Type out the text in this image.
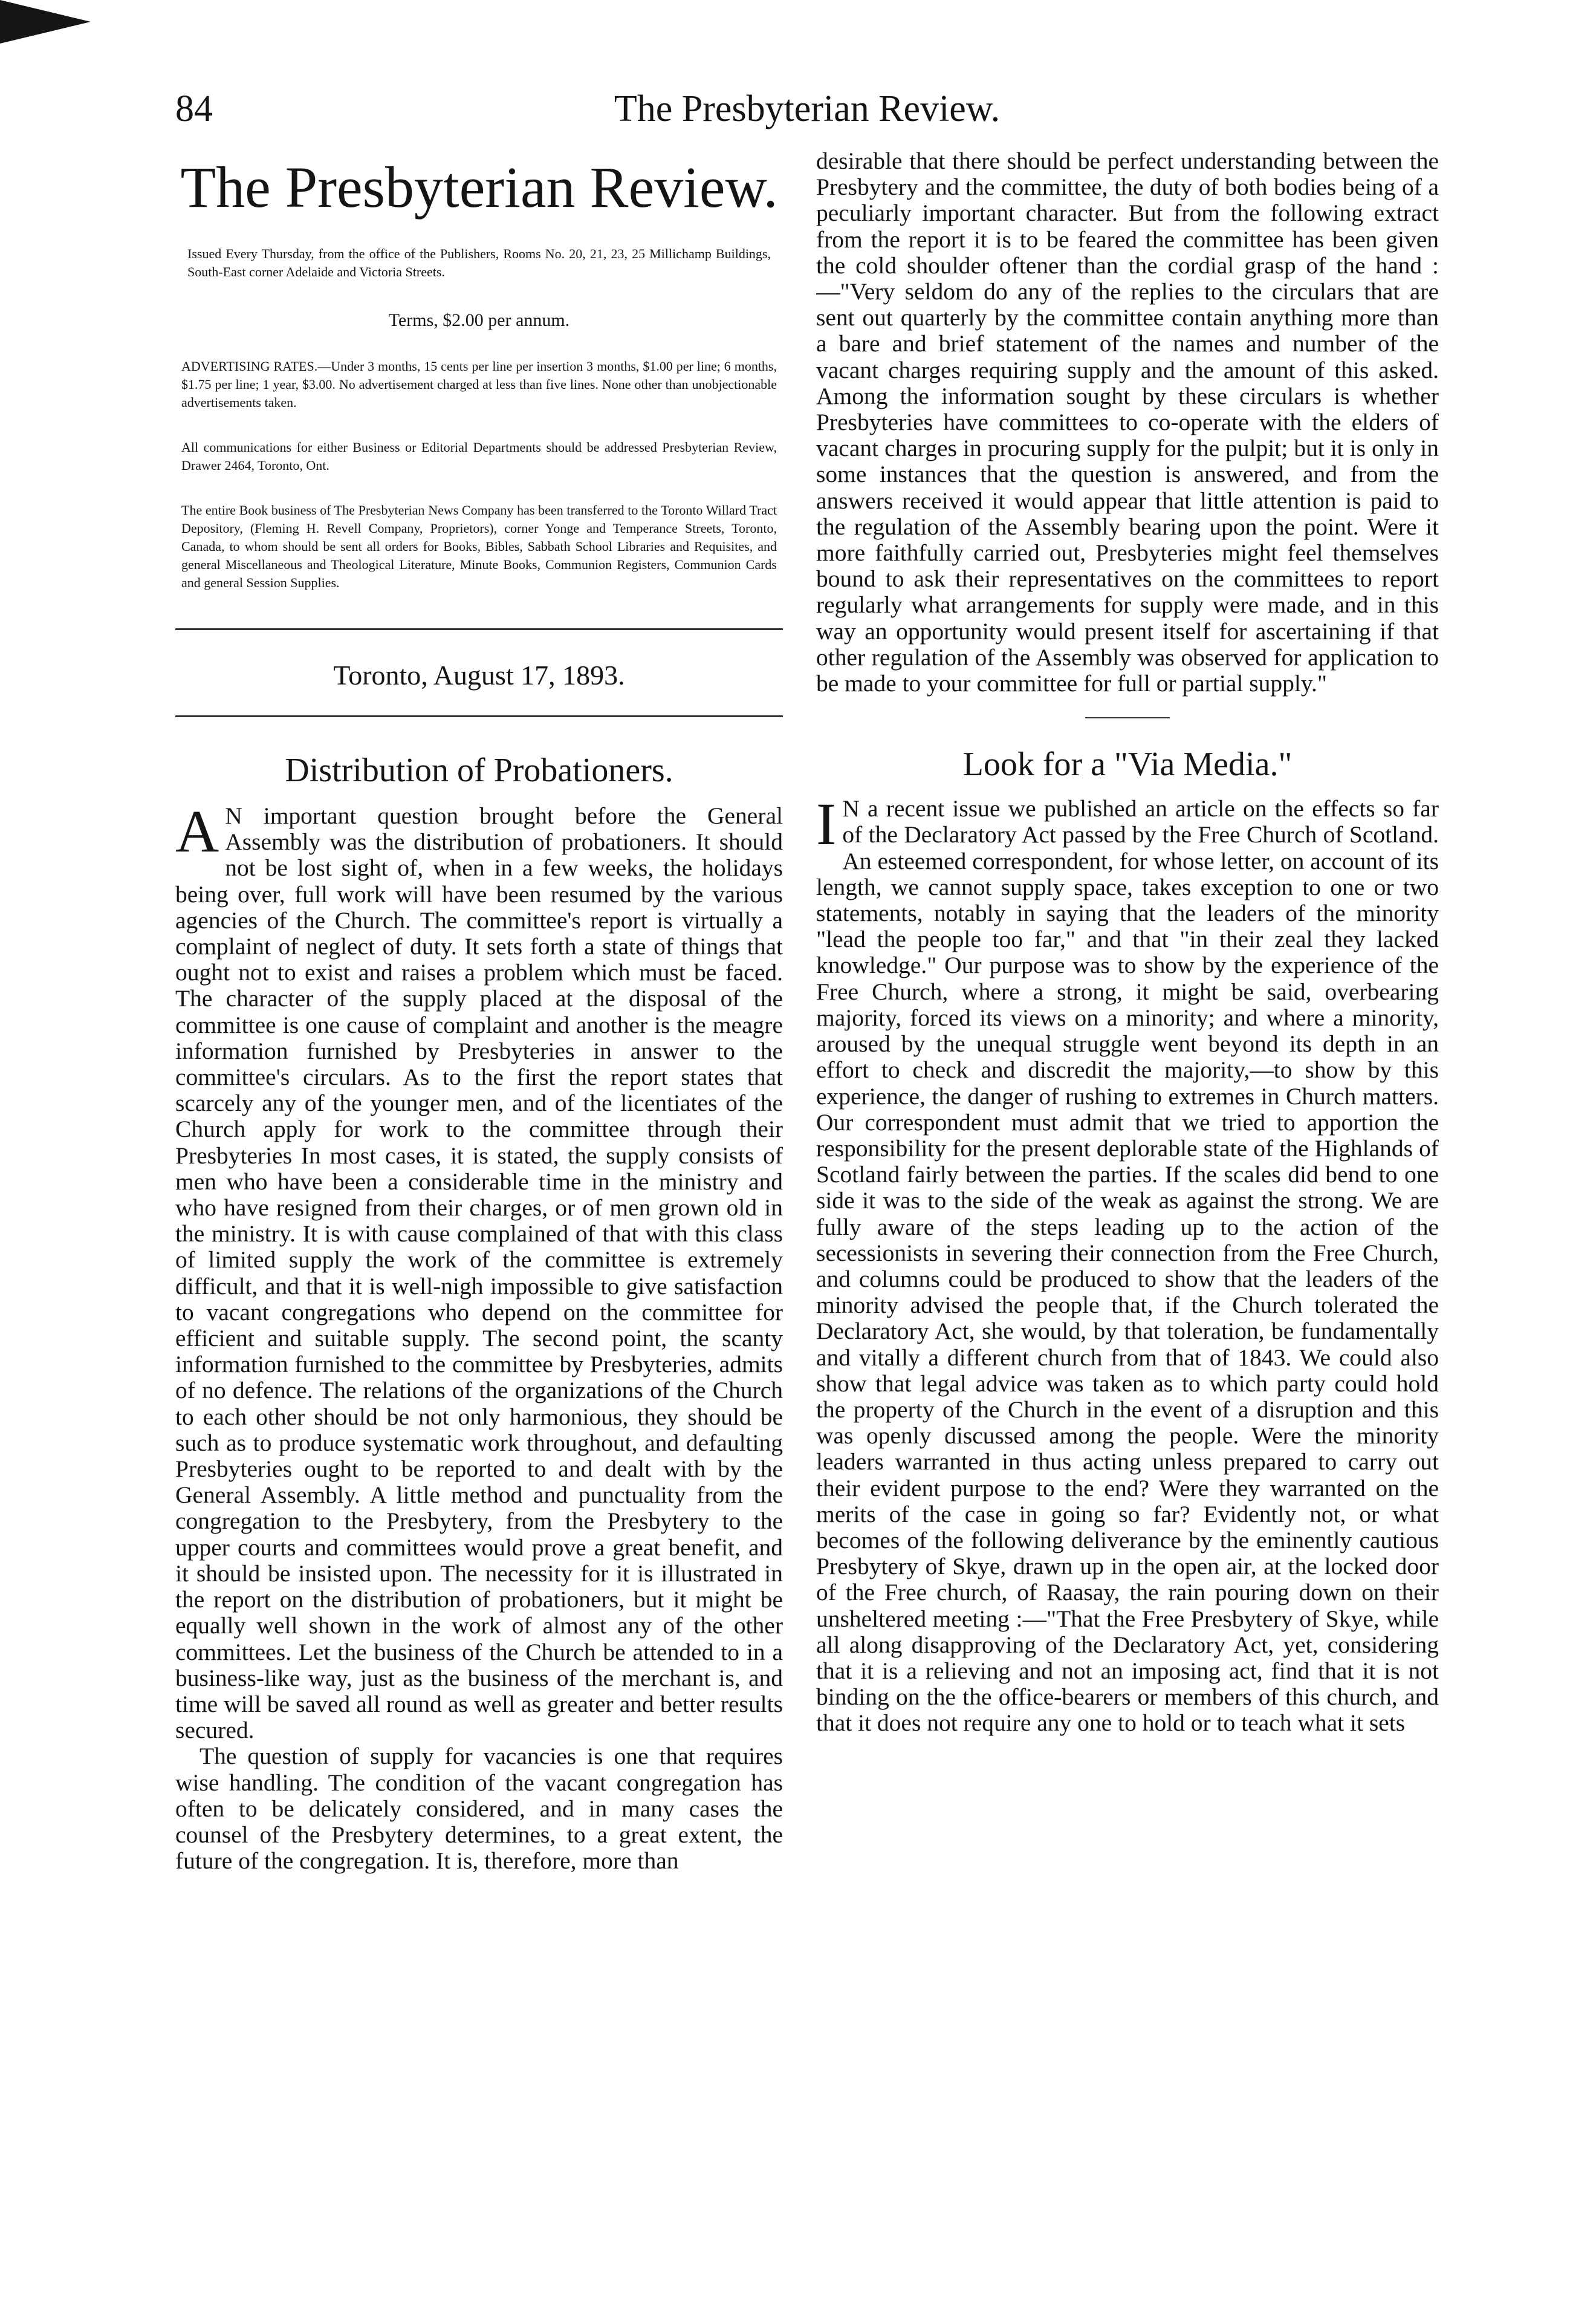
84	The Presbyterian Review.
The Presbyterian Review.

Issued Every Thursday, from the office of the Publishers, Rooms No. 20, 21, 23, 25 Millichamp Buildings, South-East corner Adelaide and Victoria Streets.

Terms, $2.00 per annum.

ADVERTISING RATES.—Under 3 months, 15 cents per line per insertion 3 months, $1.00 per line; 6 months, $1.75 per line; 1 year, $3.00. No advertisement charged at less than five lines. None other than unobjectionable advertisements taken.

All communications for either Business or Editorial Departments should be addressed Presbyterian Review, Drawer 2464, Toronto, Ont.

The entire Book business of The Presbyterian News Company has been transferred to the Toronto Willard Tract Depository, (Fleming H. Revell Company, Proprietors), corner Yonge and Temperance Streets, Toronto, Canada, to whom should be sent all orders for Books, Bibles, Sabbath School Libraries and Requisites, and general Miscellaneous and Theological Literature, Minute Books, Communion Registers, Communion Cards and general Session Supplies.

Toronto, August 17, 1893.
Distribution of Probationers.
A N important question brought before the General Assembly was the distribution of probationers. It should not be lost sight of, when in a few weeks, the holidays being over, full work will have been resumed by the various agencies of the Church. The committee's report is virtually a complaint of neglect of duty. It sets forth a state of things that ought not to exist and raises a problem which must be faced. The character of the supply placed at the disposal of the committee is one cause of complaint and another is the meagre information furnished by Presbyteries in answer to the committee's circulars. As to the first the report states that scarcely any of the younger men, and of the licentiates of the Church apply for work to the committee through their Presbyteries In most cases, it is stated, the supply consists of men who have been a considerable time in the ministry and who have resigned from their charges, or of men grown old in the ministry. It is with cause complained of that with this class of limited supply the work of the committee is extremely difficult, and that it is well-nigh impossible to give satisfaction to vacant congregations who depend on the committee for efficient and suitable supply. The second point, the scanty information furnished to the committee by Presbyteries, admits of no defence. The relations of the organizations of the Church to each other should be not only harmonious, they should be such as to produce systematic work throughout, and defaulting Presbyteries ought to be reported to and dealt with by the General Assembly. A little method and punctuality from the congregation to the Presbytery, from the Presbytery to the upper courts and committees would prove a great benefit, and it should be insisted upon. The necessity for it is illustrated in the report on the distribution of probationers, but it might be equally well shown in the work of almost any of the other committees. Let the business of the Church be attended to in a business-like way, just as the business of the merchant is, and time will be saved all round as well as greater and better results secured.

The question of supply for vacancies is one that requires wise handling. The condition of the vacant congregation has often to be delicately considered, and in many cases the counsel of the Presbytery determines, to a great extent, the future of the congregation. It is, therefore, more than

desirable that there should be perfect understanding between the Presbytery and the committee, the duty of both bodies being of a peculiarly important character. But from the following extract from the report it is to be feared the committee has been given the cold shoulder oftener than the cordial grasp of the hand :—"Very seldom do any of the replies to the circulars that are sent out quarterly by the committee contain anything more than a bare and brief statement of the names and number of the vacant charges requiring supply and the amount of this asked. Among the information sought by these circulars is whether Presbyteries have committees to co-operate with the elders of vacant charges in procuring supply for the pulpit; but it is only in some instances that the question is answered, and from the answers received it would appear that little attention is paid to the regulation of the Assembly bearing upon the point. Were it more faithfully carried out, Presbyteries might feel themselves bound to ask their representatives on the committees to report regularly what arrangements for supply were made, and in this way an opportunity would present itself for ascertaining if that other regulation of the Assembly was observed for application to be made to your committee for full or partial supply."

Look for a "Via Media."
I N a recent issue we published an article on the effects so far of the Declaratory Act passed by the Free Church of Scotland. An esteemed correspondent, for whose letter, on account of its length, we cannot supply space, takes exception to one or two statements, notably in saying that the leaders of the minority "lead the people too far," and that "in their zeal they lacked knowledge." Our purpose was to show by the experience of the Free Church, where a strong, it might be said, overbearing majority, forced its views on a minority; and where a minority, aroused by the unequal struggle went beyond its depth in an effort to check and discredit the majority,—to show by this experience, the danger of rushing to extremes in Church matters. Our correspondent must admit that we tried to apportion the responsibility for the present deplorable state of the Highlands of Scotland fairly between the parties. If the scales did bend to one side it was to the side of the weak as against the strong. We are fully aware of the steps leading up to the action of the secessionists in severing their connection from the Free Church, and columns could be produced to show that the leaders of the minority advised the people that, if the Church tolerated the Declaratory Act, she would, by that toleration, be fundamentally and vitally a different church from that of 1843. We could also show that legal advice was taken as to which party could hold the property of the Church in the event of a disruption and this was openly discussed among the people. Were the minority leaders warranted in thus acting unless prepared to carry out their evident purpose to the end? Were they warranted on the merits of the case in going so far? Evidently not, or what becomes of the following deliverance by the eminently cautious Presbytery of Skye, drawn up in the open air, at the locked door of the Free church, of Raasay, the rain pouring down on their unsheltered meeting :—"That the Free Presbytery of Skye, while all along disapproving of the Declaratory Act, yet, considering that it is a relieving and not an imposing act, find that it is not binding on the the office-bearers or members of this church, and that it does not require any one to hold or to teach what it sets
